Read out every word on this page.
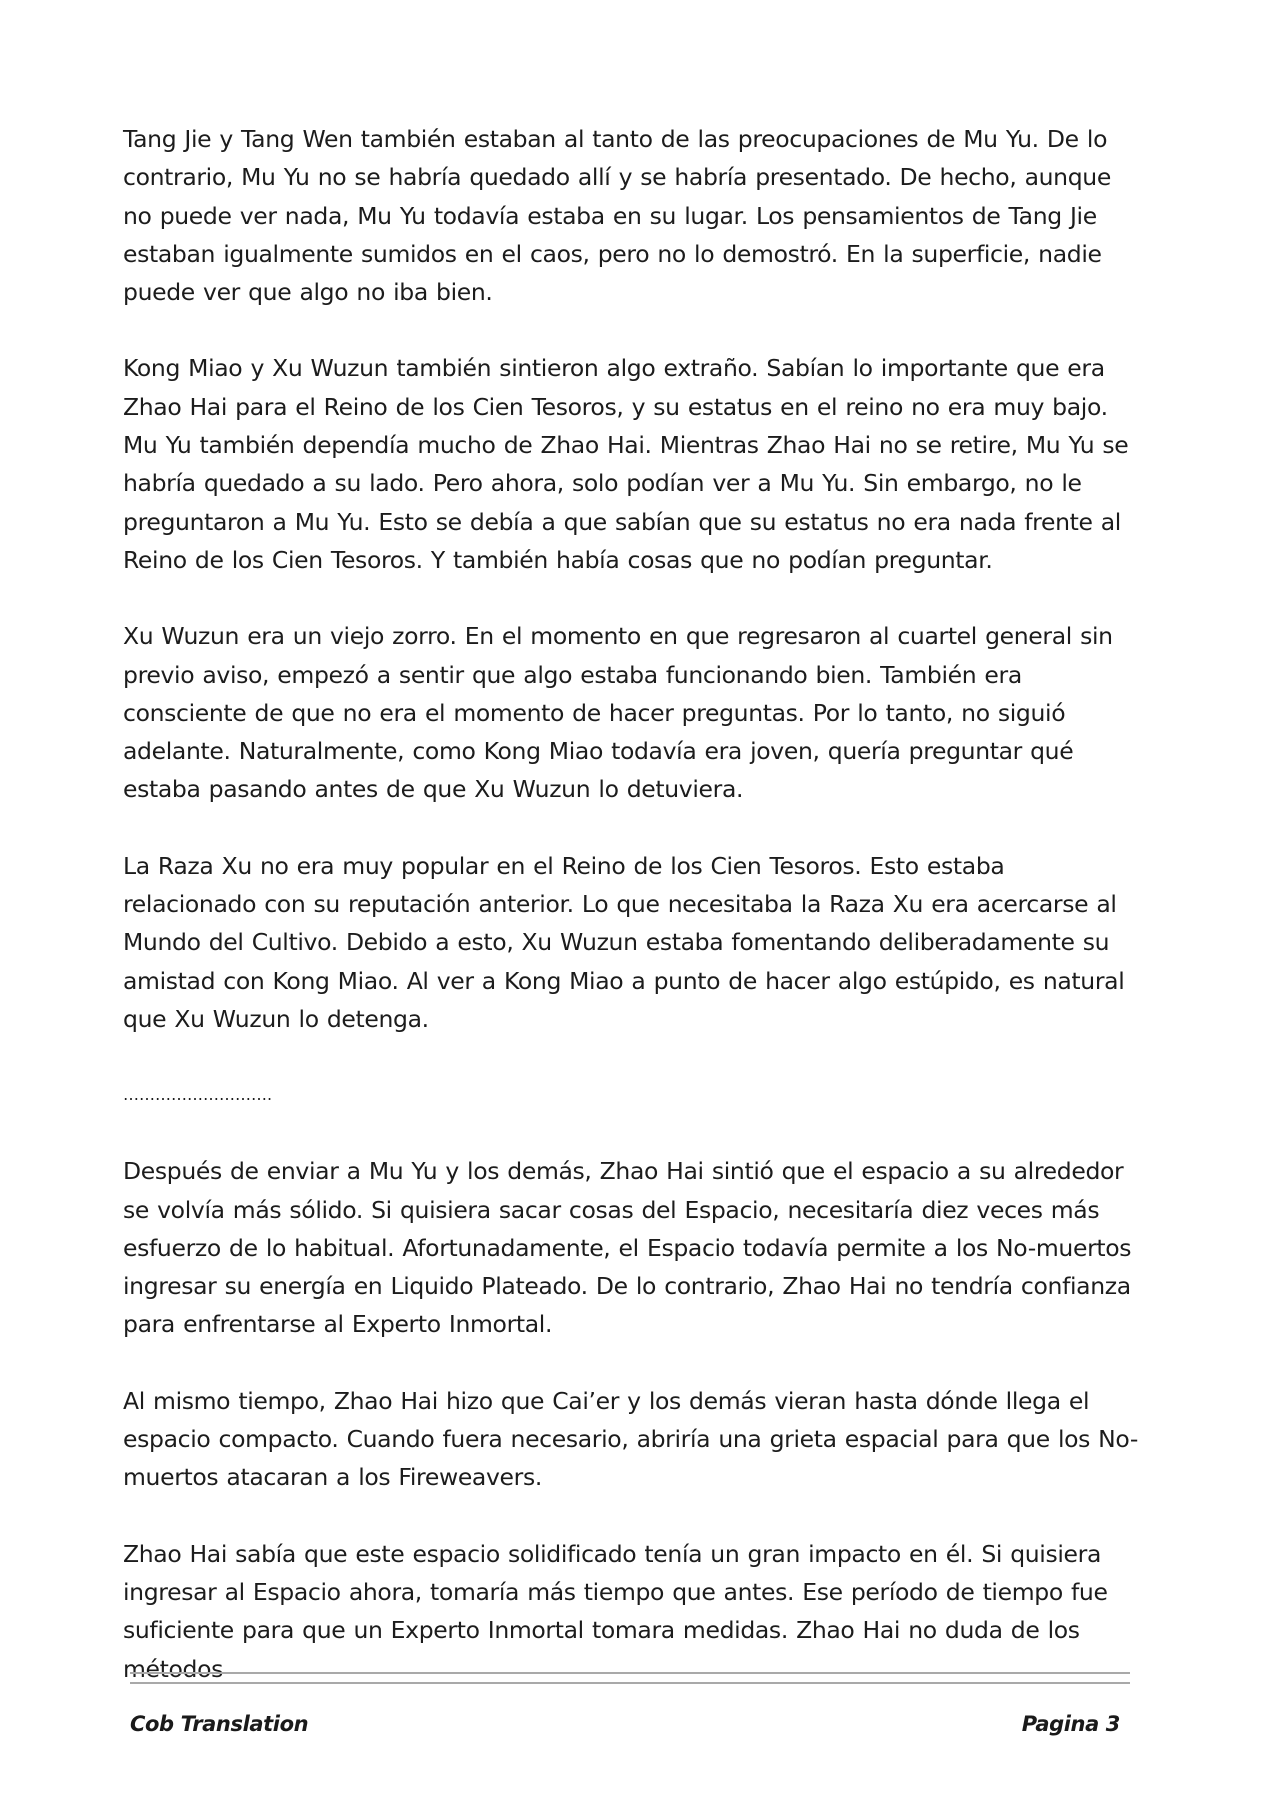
Tang Jie y Tang Wen también estaban al tanto de las preocupaciones de Mu Yu. De lo contrario, Mu Yu no se habría quedado allí y se habría presentado. De hecho, aunque no puede ver nada, Mu Yu todavía estaba en su lugar. Los pensamientos de Tang Jie estaban igualmente sumidos en el caos, pero no lo demostró. En la superficie, nadie puede ver que algo no iba bien.

Kong Miao y Xu Wuzun también sintieron algo extraño. Sabían lo importante que era Zhao Hai para el Reino de los Cien Tesoros, y su estatus en el reino no era muy bajo. Mu Yu también dependía mucho de Zhao Hai. Mientras Zhao Hai no se retire, Mu Yu se habría quedado a su lado. Pero ahora, solo podían ver a Mu Yu. Sin embargo, no le preguntaron a Mu Yu. Esto se debía a que sabían que su estatus no era nada frente al Reino de los Cien Tesoros. Y también había cosas que no podían preguntar.

Xu Wuzun era un viejo zorro. En el momento en que regresaron al cuartel general sin previo aviso, empezó a sentir que algo estaba funcionando bien. También era consciente de que no era el momento de hacer preguntas. Por lo tanto, no siguió adelante. Naturalmente, como Kong Miao todavía era joven, quería preguntar qué estaba pasando antes de que Xu Wuzun lo detuviera.

La Raza Xu no era muy popular en el Reino de los Cien Tesoros. Esto estaba relacionado con su reputación anterior. Lo que necesitaba la Raza Xu era acercarse al Mundo del Cultivo. Debido a esto, Xu Wuzun estaba fomentando deliberadamente su amistad con Kong Miao. Al ver a Kong Miao a punto de hacer algo estúpido, es natural que Xu Wuzun lo detenga.

……………………….

Después de enviar a Mu Yu y los demás, Zhao Hai sintió que el espacio a su alrededor se volvía más sólido. Si quisiera sacar cosas del Espacio, necesitaría diez veces más esfuerzo de lo habitual. Afortunadamente, el Espacio todavía permite a los No-muertos ingresar su energía en Liquido Plateado. De lo contrario, Zhao Hai no tendría confianza para enfrentarse al Experto Inmortal.

Al mismo tiempo, Zhao Hai hizo que Cai’er y los demás vieran hasta dónde llega el espacio compacto. Cuando fuera necesario, abriría una grieta espacial para que los No-muertos atacaran a los Fireweavers.

Zhao Hai sabía que este espacio solidificado tenía un gran impacto en él. Si quisiera ingresar al Espacio ahora, tomaría más tiempo que antes. Ese período de tiempo fue suficiente para que un Experto Inmortal tomara medidas. Zhao Hai no duda de los métodos

Cob Translation	Pagina 3
